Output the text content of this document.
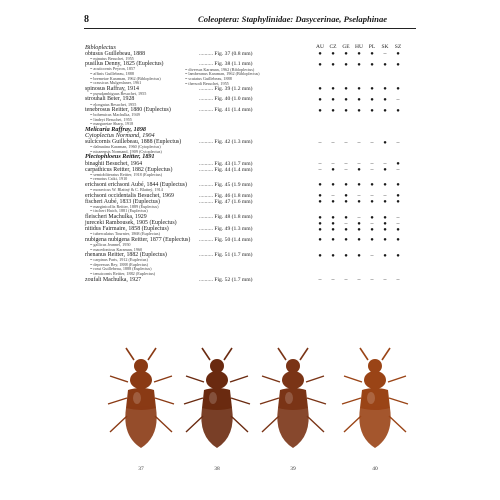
8	Coleoptera: Staphylinidae: Dasycerinae, Pselaphinae
AU	CZ	GE HU	PL	SK	SZ
Bibloplectus
obtusus Guillebeau, 1888	.......... Fig. 37 (0.8 mm)	●	●	●	●	●	–	●
= minutus Besuchet, 1955
pusillus Denny, 1825 (Euplectus)	.......... Fig. 38 (1.1 mm)	●	●	●	●	●	●	●
= acuticornis Peyron, 1857	= diversus Karaman, 1962 (Bibloplectus)
= affinis Guillebeau, 1888	= lamberanus Karaman, 1962 (Bibloplectus)
= bremeiae Karaman, 1962 (Bibloplectus)	= scutatus Guillebeau, 1888
= crassicus Mulgenlaner, 1961	= thersodi Besuchet, 1955
spinosus Raffray, 1914	.......... Fig. 39 (1.2 mm)	●	●	●	●	●	●	●
= pseudambiguus Besuchet, 1955
strouhali Beier, 1928	.......... Fig. 40 (1.0 mm)	●	●	●	●	●	●	–
= elongatus Besuchet, 1955
tenebrosus Reitter, 1880 (Euplectus)	.......... Fig. 41 (1.4 mm)	●	●	●	●	●	●	●
= bohemicus Machulka, 1949
= lindeyi Besuchet, 1955
= margaretae Sharp, 1918
Melicaria Raffray, 1898
Cytoplectus Normand, 1904
sulcicornis Guillebeau, 1888 (Euplectus)	.......... Fig. 42 (1.3 mm)	–	–	–	–	–	●	–
= dalmatina Karaman, 1960 (Cytoplectus)
= nicaeensis Normand, 1909 (Cytoplectus)
Plectophloeus Reitter, 1891
binaghii Besuchet, 1964	.......... Fig. 43 (1.7 mm)	–	–	–	–	–	–	●
carpathicus Reitter, 1882 (Euplectus)	.......... Fig. 44 (1.4 mm)	–	●	–	●	–	●	–
= semiobliteratus Reitter, 1918 (Euplectus)
= remotus Csiki, 1910
erichsoni erichsoni Aubé, 1844 (Euplectus) .......... Fig. 45 (1.9 mm)	●	●	●	●	●	●	●
= moravicus W. Blattný & C. Blattný, 1914
erichsoni occidentalis Besuchet, 1969	.......... Fig. 46 (1.8 mm)	●	–	●	–	–	–	●
fischeri Aubé, 1833 (Euplectus)	.......... Fig. 47 (1.6 mm)	●	●	●	●	●	●	●
= marginicollis Reitter, 1889 (Euplectus)
= tischeri Hatch, 1881 (Euplectus)
fleischeri Machulka, 1929	.......... Fig. 48 (1.8 mm)	●	●	●	–	●	●	–
jureceki Rambousek, 1905 (Euplectus)	●	●	–	●	–	●	–
nitidus Fairmaire, 1858 (Euplectus)	.......... Fig. 49 (1.3 mm)	●	●	●	●	●	●	●
= tuberculatus Tournier, 1868 (Euplectus)
nubigena nubigena Reitter, 1877 (Euplectus) .......... Fig. 50 (1.4 mm)	●	●	●	●	●	●	●
= gallicus Jeannel, 1950
= macedonicus Karaman, 1960
rhenanus Reitter, 1882 (Euplectus)	.......... Fig. 51 (1.7 mm)	●	●	●	●	–	●	●
= carpinus Paris, 1912 (Euplectus)
= depressus Rey, 1888 (Euplectus)
= rossi Guillebeau, 1888 (Euplectus)
= tenuicornis Reitter, 1882 (Euplectus)
zoufali Machulka, 1927	.......... Fig. 52 (1.7 mm)	–	–	–	–	–	–	–
37	38	39	40
